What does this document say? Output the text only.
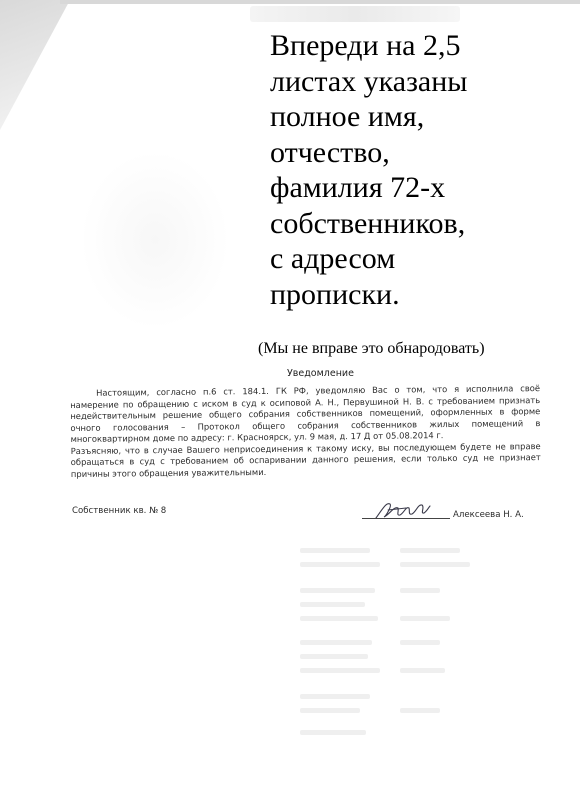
Впереди на 2,5
листах указаны
полное имя,
отчество,
фамилия 72-х
собственников,
с адресом
прописки.
(Мы не вправе это обнародовать)
Уведомление
Настоящим, согласно п.6 ст. 184.1. ГК РФ, уведомляю Вас о том, что я исполнила своё
намерение по обращению с иском в суд к осиповой А. Н., Первушиной Н. В. с требованием признать
недействительным решение общего собрания собственников помещений, оформленных в форме
очного голосования – Протокол общего собрания собственников жилых помещений в
многоквартирном доме по адресу: г. Красноярск, ул. 9 мая, д. 17 Д от 05.08.2014 г.
Разъясняю, что в случае Вашего неприсоединения к такому иску, вы последующем будете не вправе
обращаться в суд с требованием об оспаривании данного решения, если только суд не признает
причины этого обращения уважительными.
Собственник кв. № 8	Алексеева Н. А.
